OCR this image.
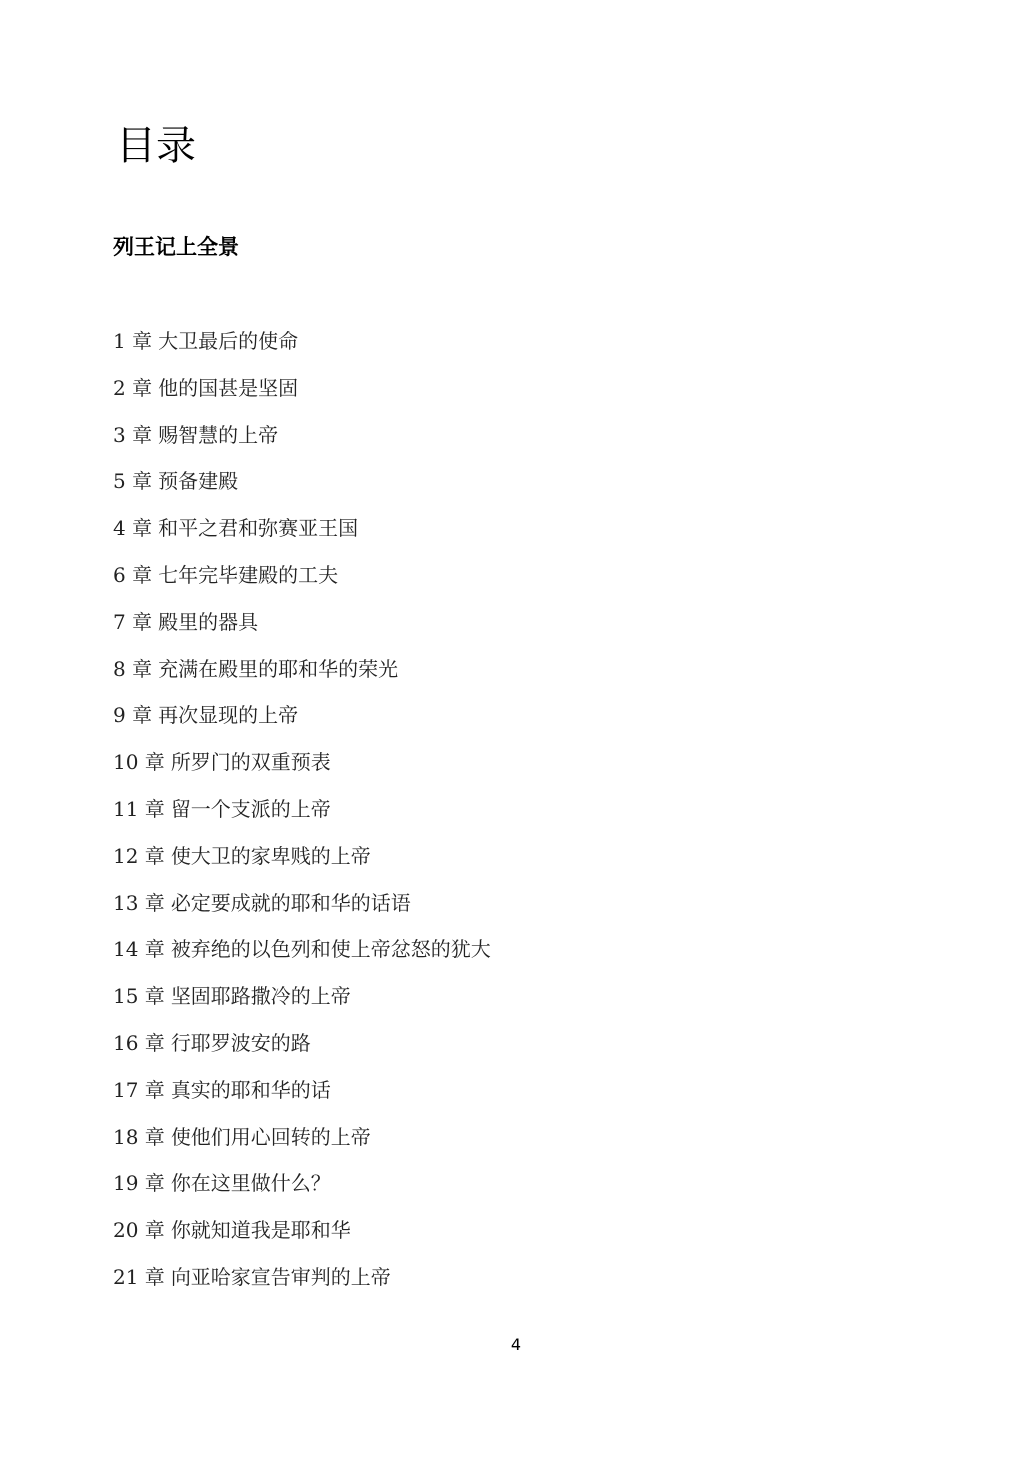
目录
列王记上全景
1 章 大卫最后的使命
2 章 他的国甚是坚固
3 章 赐智慧的上帝
5 章 预备建殿
4 章 和平之君和弥赛亚王国
6 章 七年完毕建殿的工夫
7 章 殿里的器具
8 章 充满在殿里的耶和华的荣光
9 章 再次显现的上帝
10 章 所罗门的双重预表
11 章 留一个支派的上帝
12 章 使大卫的家卑贱的上帝
13 章 必定要成就的耶和华的话语
14 章 被弃绝的以色列和使上帝忿怒的犹大
15 章 坚固耶路撒冷的上帝
16 章 行耶罗波安的路
17 章 真实的耶和华的话
18 章 使他们用心回转的上帝
19 章 你在这里做什么？
20 章 你就知道我是耶和华
21 章 向亚哈家宣告审判的上帝
4
